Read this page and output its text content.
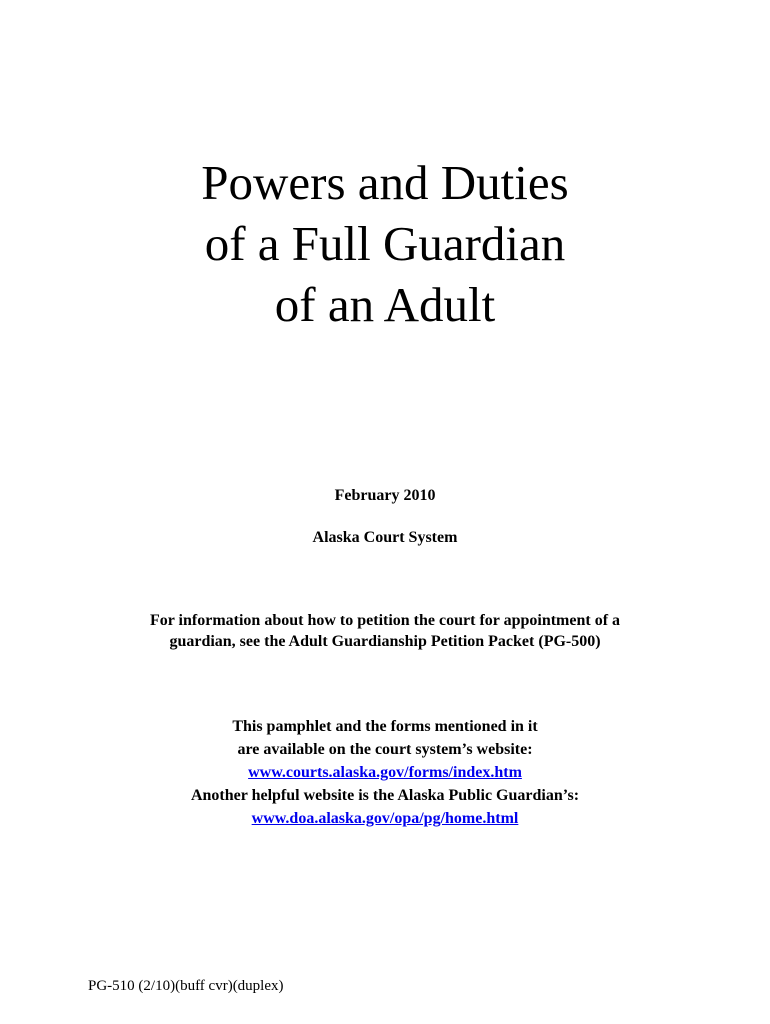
Powers and Duties
of a Full Guardian
of an Adult
February 2010
Alaska Court System
For information about how to petition the court for appointment of a
guardian, see the Adult Guardianship Petition Packet (PG-500)
This pamphlet and the forms mentioned in it
are available on the court system’s website:
www.courts.alaska.gov/forms/index.htm
Another helpful website is the Alaska Public Guardian’s:
www.doa.alaska.gov/opa/pg/home.html
PG-510 (2/10)(buff cvr)(duplex)
